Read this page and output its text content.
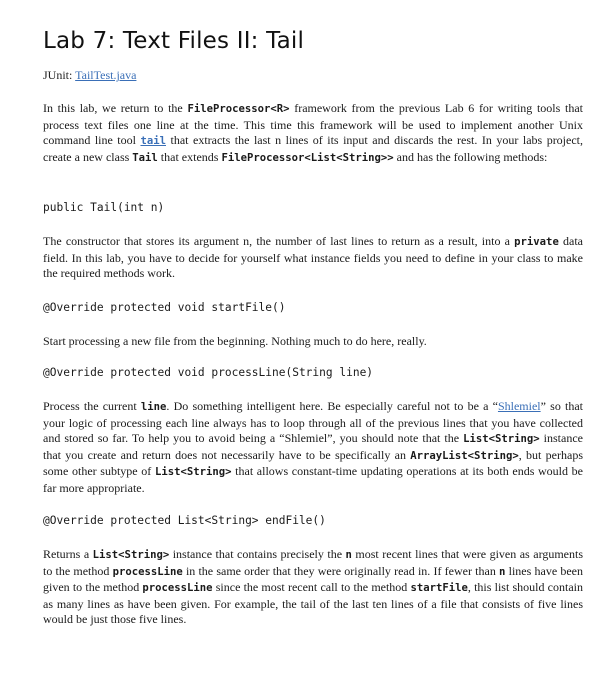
Lab 7: Text Files II: Tail
JUnit: TailTest.java

In this lab, we return to the FileProcessor<R> framework from the previous Lab 6 for writing tools that process text files one line at the time. This time this framework will be used to implement another Unix command line tool tail that extracts the last n lines of its input and discards the rest. In your labs project, create a new class Tail that extends FileProcessor<List<String>> and has the following methods:

public Tail(int n)

The constructor that stores its argument n, the number of last lines to return as a result, into a private data field. In this lab, you have to decide for yourself what instance fields you need to define in your class to make the required methods work.

@Override protected void startFile()

Start processing a new file from the beginning. Nothing much to do here, really.

@Override protected void processLine(String line)

Process the current line. Do something intelligent here. Be especially careful not to be a “Shlemiel” so that your logic of processing each line always has to loop through all of the previous lines that you have collected and stored so far. To help you to avoid being a “Shlemiel”, you should note that the List<String> instance that you create and return does not necessarily have to be specifically an ArrayList<String>, but perhaps some other subtype of List<String> that allows constant-time updating operations at its both ends would be far more appropriate.

@Override protected List<String> endFile()

Returns a List<String> instance that contains precisely the n most recent lines that were given as arguments to the method processLine in the same order that they were originally read in. If fewer than n lines have been given to the method processLine since the most recent call to the method startFile, this list should contain as many lines as have been given. For example, the tail of the last ten lines of a file that consists of five lines would be just those five lines.
